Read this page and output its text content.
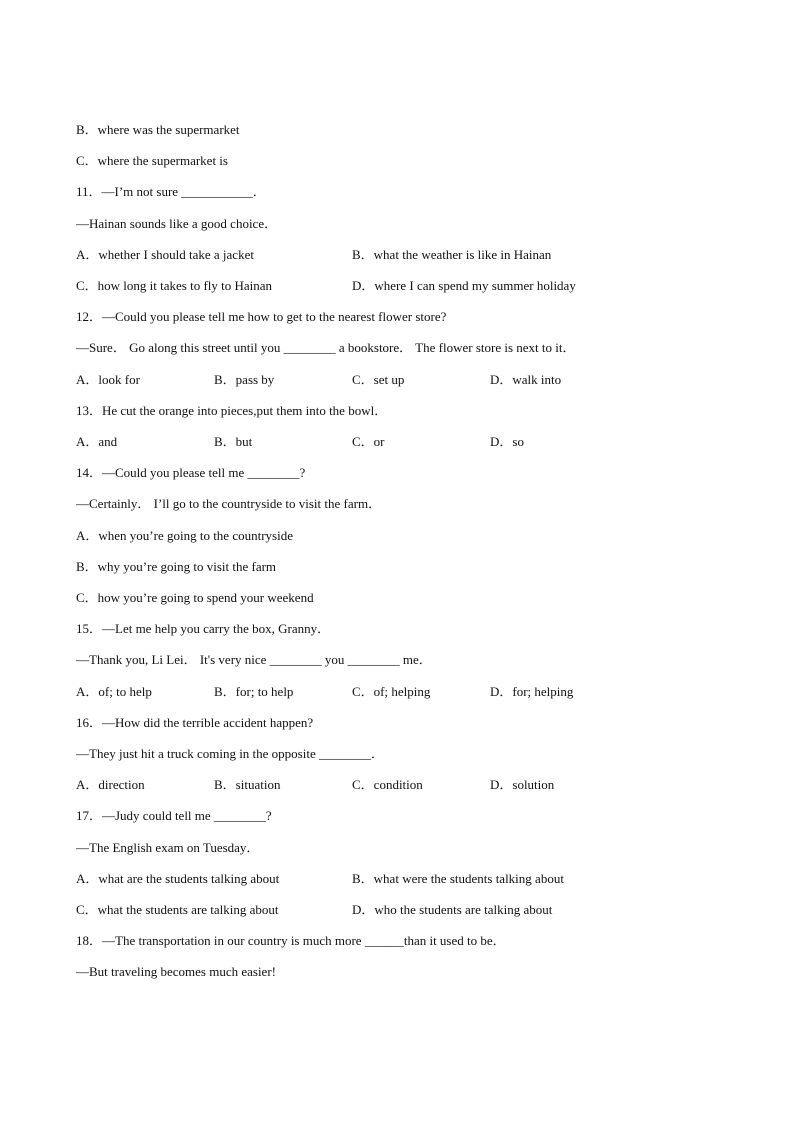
B．where was the supermarket
C．where the supermarket is
11．—I’m not sure ___________．
—Hainan sounds like a good choice．
A．whether I should take a jacket	B．what the weather is like in Hainan
C．how long it takes to fly to Hainan	D．where I can spend my summer holiday
12．—Could you please tell me how to get to the nearest flower store?
—Sure． Go along this street until you ________ a bookstore． The flower store is next to it．
A．look for	B．pass by	C．set up	D．walk into
13．He cut the orange into pieces,put them into the bowl．
A．and	B．but	C．or	D．so
14．—Could you please tell me ________?
—Certainly． I’ll go to the countryside to visit the farm．
A．when you’re going to the countryside
B．why you’re going to visit the farm
C．how you’re going to spend your weekend
15．—Let me help you carry the box, Granny．
—Thank you, Li Lei． It's very nice ________ you ________ me．
A．of; to help	B．for; to help	C．of; helping	D．for; helping
16．—How did the terrible accident happen?
—They just hit a truck coming in the opposite ________．
A．direction	B．situation	C．condition	D．solution
17．—Judy could tell me ________?
—The English exam on Tuesday．
A．what are the students talking about	B．what were the students talking about
C．what the students are talking about	D．who the students are talking about
18．—The transportation in our country is much more ______than it used to be．
—But traveling becomes much easier!
